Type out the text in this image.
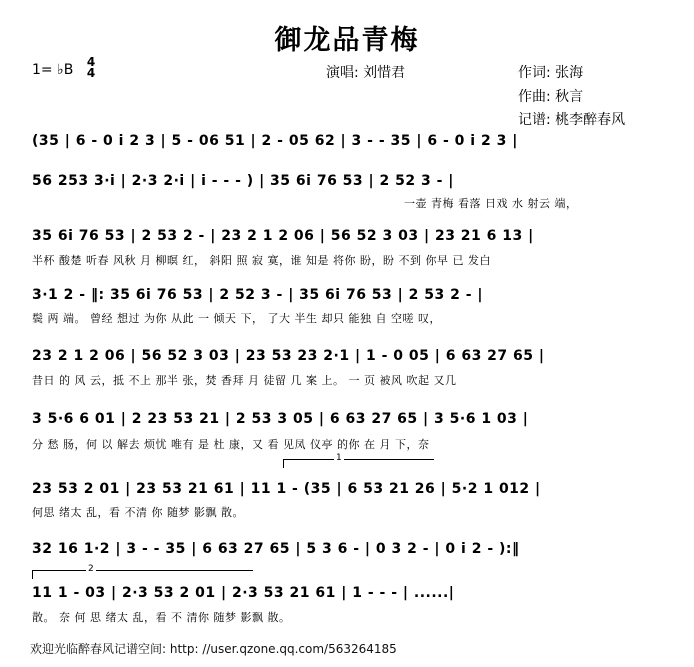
御龙品青梅
1= ♭B 4
4	演唱: 刘惜君	作词: 张海
作曲: 秋言
记谱: 桃李醉春风
(35 | 6 - 0 i 2 3 | 5 - 06 51 | 2 - 05 62 | 3 - - 35 | 6 - 0 i 2 3 |
56 253 3·i | 2·3 2·i | i - - - ) | 35 6i 76 53 | 2 52 3 - |
一壶 青梅 看落 日戏 水 射云 端，
35 6i 76 53 | 2 53 2 - | 23 2 1 2 06 | 56 52 3 03 | 23 21 6 13 |
半杯 酸楚 听春 风秋 月 柳暝 红， 斜阳 照 寂 寞，谁 知是 将你 盼，盼 不到 你早 已 发白
3·1 2 - ‖: 35 6i 76 53 | 2 52 3 - | 35 6i 76 53 | 2 53 2 - |
鬓 两 端。 曾经 想过 为你 从此 一 倾天 下， 了大 半生 却只 能独 自 空嗟 叹，
23 2 1 2 06 | 56 52 3 03 | 23 53 23 2·1 | 1 - 0 05 | 6 63 27 65 |
昔日 的 风 云，抵 不上 那半 张，焚 香拜 月 徒留 几 案 上。 一 页 被风 吹起 又几
3 5·6 6 01 | 2 23 53 21 | 2 53 3 05 | 6 63 27 65 | 3 5·6 1 03 |
分 愁 肠，何 以 解去 烦忧 唯有 是 杜 康，又 看 见凤 仪亭 的你 在 月 下，奈
23 53 2 01 | 23 53 21 61 | 11 1 - (35 | 6 53 21 26 | 5·2 1 012 |
何思 绪太 乱，看 不清 你 随梦 影飘 散。
32 16 1·2 | 3 - - 35 | 6 63 27 65 | 5 3 6 - | 0 3 2 - | 0 i 2 - ):‖
11 1 - 03 | 2·3 53 2 01 | 2·3 53 21 61 | 1 - - - | ......|
散。 奈 何 思 绪太 乱，看 不 清你 随梦 影飘 散。
1
2
欢迎光临醉春风记谱空间: http: //user.qzone.qq.com/563264185
